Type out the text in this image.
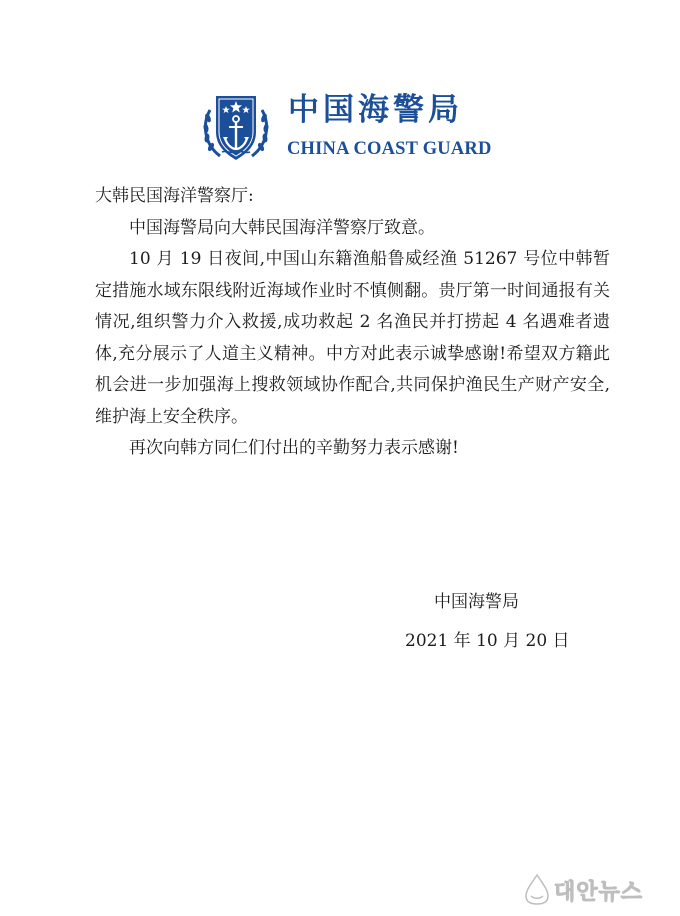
中国海警局
CHINA COAST GUARD

大韩民国海洋警察厅:

中国海警局向大韩民国海洋警察厅致意。

10 月 19 日夜间,中国山东籍渔船鲁威经渔 51267 号位中韩暂定措施水域东限线附近海域作业时不慎侧翻。贵厅第一时间通报有关情况,组织警力介入救援,成功救起 2 名渔民并打捞起 4 名遇难者遗体,充分展示了人道主义精神。中方对此表示诚挚感谢!希望双方籍此机会进一步加强海上搜救领域协作配合,共同保护渔民生产财产安全,维护海上安全秩序。

再次向韩方同仁们付出的辛勤努力表示感谢!

中国海警局
2021 年 10 月 20 日
대안뉴스
